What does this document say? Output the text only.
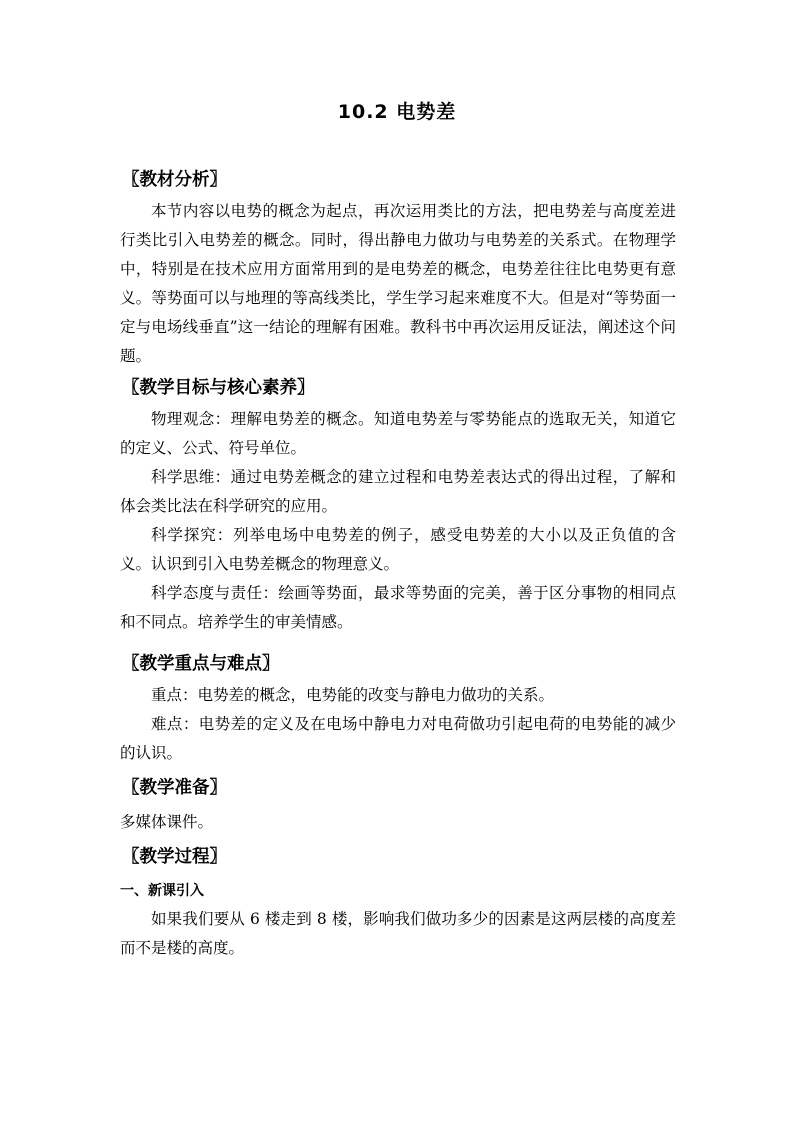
10.2 电势差
〖教材分析〗

本节内容以电势的概念为起点，再次运用类比的方法，把电势差与高度差进行类比引入电势差的概念。同时，得出静电力做功与电势差的关系式。在物理学中，特别是在技术应用方面常用到的是电势差的概念，电势差往往比电势更有意义。等势面可以与地理的等高线类比，学生学习起来难度不大。但是对“等势面一定与电场线垂直”这一结论的理解有困难。教科书中再次运用反证法，阐述这个问题。

〖教学目标与核心素养〗

物理观念：理解电势差的概念。知道电势差与零势能点的选取无关，知道它的定义、公式、符号单位。

科学思维：通过电势差概念的建立过程和电势差表达式的得出过程，了解和体会类比法在科学研究的应用。

科学探究：列举电场中电势差的例子，感受电势差的大小以及正负值的含义。认识到引入电势差概念的物理意义。

科学态度与责任：绘画等势面，最求等势面的完美，善于区分事物的相同点和不同点。培养学生的审美情感。

〖教学重点与难点〗

重点：电势差的概念，电势能的改变与静电力做功的关系。

难点：电势差的定义及在电场中静电力对电荷做功引起电荷的电势能的减少的认识。

〖教学准备〗

多媒体课件。

〖教学过程〗
一、新课引入

如果我们要从 6 楼走到 8 楼，影响我们做功多少的因素是这两层楼的高度差而不是楼的高度。
